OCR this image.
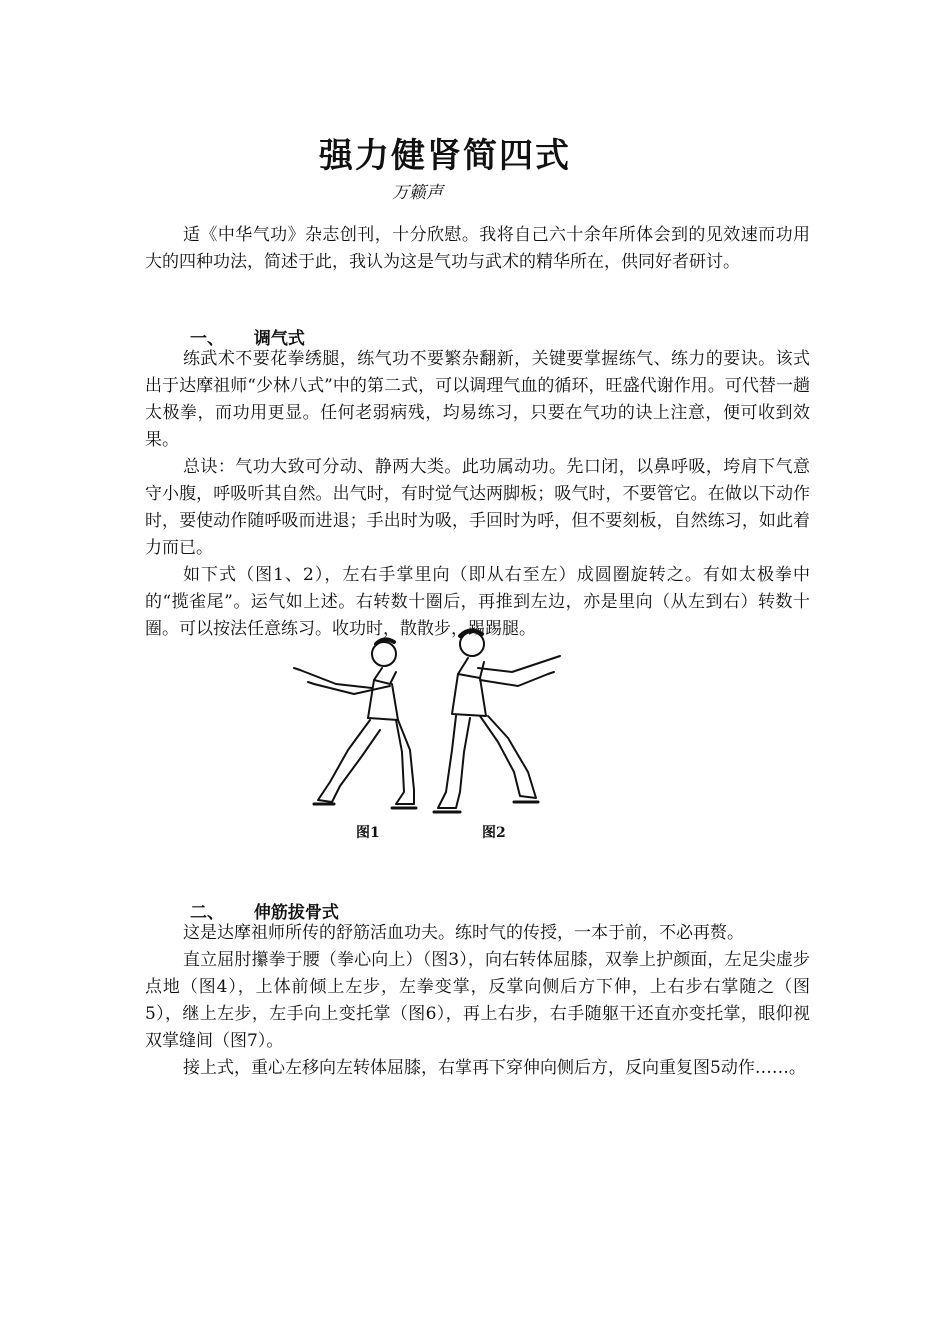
强力健肾简四式
万籁声

适《中华气功》杂志创刊，十分欣慰。我将自己六十余年所体会到的见效速而功用大的四种功法，简述于此，我认为这是气功与武术的精华所在，供同好者研讨。

一、 调气式

练武术不要花拳绣腿，练气功不要繁杂翻新，关键要掌握练气、练力的要诀。该式出于达摩祖师“少林八式”中的第二式，可以调理气血的循环，旺盛代谢作用。可代替一趟太极拳，而功用更显。任何老弱病残，均易练习，只要在气功的诀上注意，便可收到效果。

总诀：气功大致可分动、静两大类。此功属动功。先口闭，以鼻呼吸，垮肩下气意守小腹，呼吸听其自然。出气时，有时觉气达两脚板；吸气时，不要管它。在做以下动作时，要使动作随呼吸而进退；手出时为吸，手回时为呼，但不要刻板，自然练习，如此着力而已。

如下式（图1、2），左右手掌里向（即从右至左）成圆圈旋转之。有如太极拳中的“揽雀尾”。运气如上述。右转数十圈后，再推到左边，亦是里向（从左到右）转数十圈。可以按法任意练习。收功时，散散步，踢踢腿。

图1	图2
二、 伸筋拔骨式

这是达摩祖师所传的舒筋活血功夫。练时气的传授，一本于前，不必再赘。

直立屈肘攥拳于腰（拳心向上）（图3），向右转体屈膝，双拳上护颜面，左足尖虚步点地（图4），上体前倾上左步，左拳变掌，反掌向侧后方下伸，上右步右掌随之（图5），继上左步，左手向上变托掌（图6），再上右步，右手随躯干还直亦变托掌，眼仰视双掌缝间（图7）。

接上式，重心左移向左转体屈膝，右掌再下穿伸向侧后方，反向重复图5动作……。
